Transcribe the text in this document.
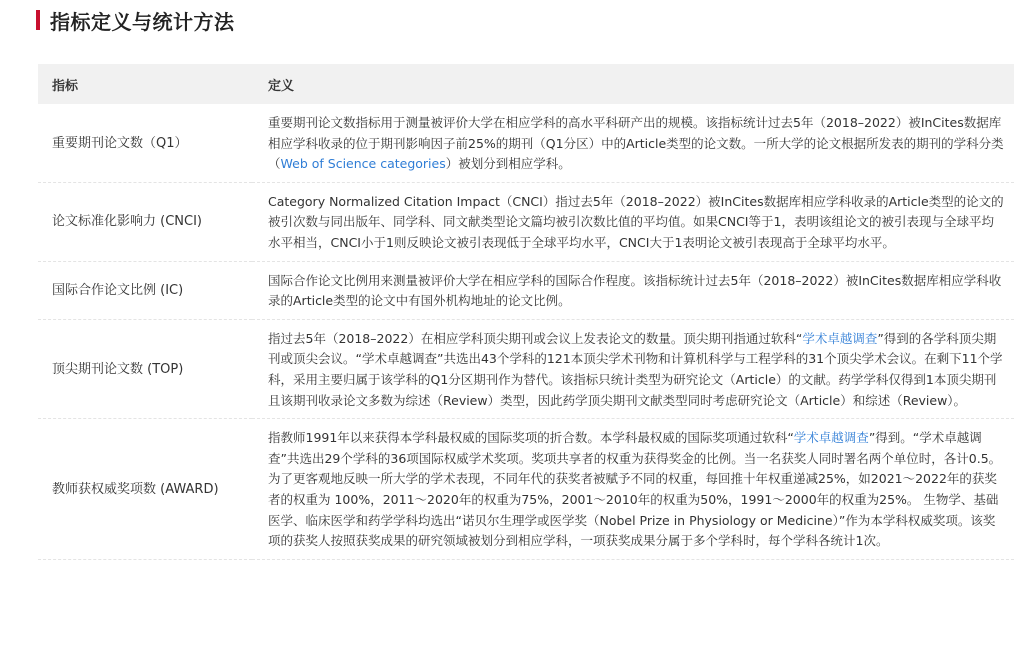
指标定义与统计方法
指标	定义
重要期刊论文数（Q1）	重要期刊论文数指标用于测量被评价大学在相应学科的高水平科研产出的规模。该指标统计过去5年（2018–2022）被InCites数据库相应学科收录的位于期刊影响因子前25%的期刊（Q1分区）中的Article类型的论文数。一所大学的论文根据所发表的期刊的学科分类（Web of Science categories）被划分到相应学科。
论文标准化影响力 (CNCI)	Category Normalized Citation Impact（CNCI）指过去5年（2018–2022）被InCites数据库相应学科收录的Article类型的论文的被引次数与同出版年、同学科、同文献类型论文篇均被引次数比值的平均值。如果CNCI等于1，表明该组论文的被引表现与全球平均水平相当，CNCI小于1则反映论文被引表现低于全球平均水平，CNCI大于1表明论文被引表现高于全球平均水平。
国际合作论文比例 (IC)	国际合作论文比例用来测量被评价大学在相应学科的国际合作程度。该指标统计过去5年（2018–2022）被InCites数据库相应学科收录的Article类型的论文中有国外机构地址的论文比例。
顶尖期刊论文数 (TOP)	指过去5年（2018–2022）在相应学科顶尖期刊或会议上发表论文的数量。顶尖期刊指通过软科“学术卓越调查”得到的各学科顶尖期刊或顶尖会议。“学术卓越调查”共选出43个学科的121本顶尖学术刊物和计算机科学与工程学科的31个顶尖学术会议。在剩下11个学科，采用主要归属于该学科的Q1分区期刊作为替代。该指标只统计类型为研究论文（Article）的文献。药学学科仅得到1本顶尖期刊且该期刊收录论文多数为综述（Review）类型，因此药学顶尖期刊文献类型同时考虑研究论文（Article）和综述（Review）。
教师获权威奖项数 (AWARD)	指教师1991年以来获得本学科最权威的国际奖项的折合数。本学科最权威的国际奖项通过软科“学术卓越调查”得到。“学术卓越调查”共选出29个学科的36项国际权威学术奖项。奖项共享者的权重为获得奖金的比例。当一名获奖人同时署名两个单位时，各计0.5。为了更客观地反映一所大学的学术表现，不同年代的获奖者被赋予不同的权重，每回推十年权重递减25%，如2021～2022年的获奖者的权重为 100%，2011～2020年的权重为75%，2001～2010年的权重为50%，1991～2000年的权重为25%。 生物学、基础医学、临床医学和药学学科均选出“诺贝尔生理学或医学奖（Nobel Prize in Physiology or Medicine）”作为本学科权威奖项。该奖项的获奖人按照获奖成果的研究领域被划分到相应学科，一项获奖成果分属于多个学科时，每个学科各统计1次。
